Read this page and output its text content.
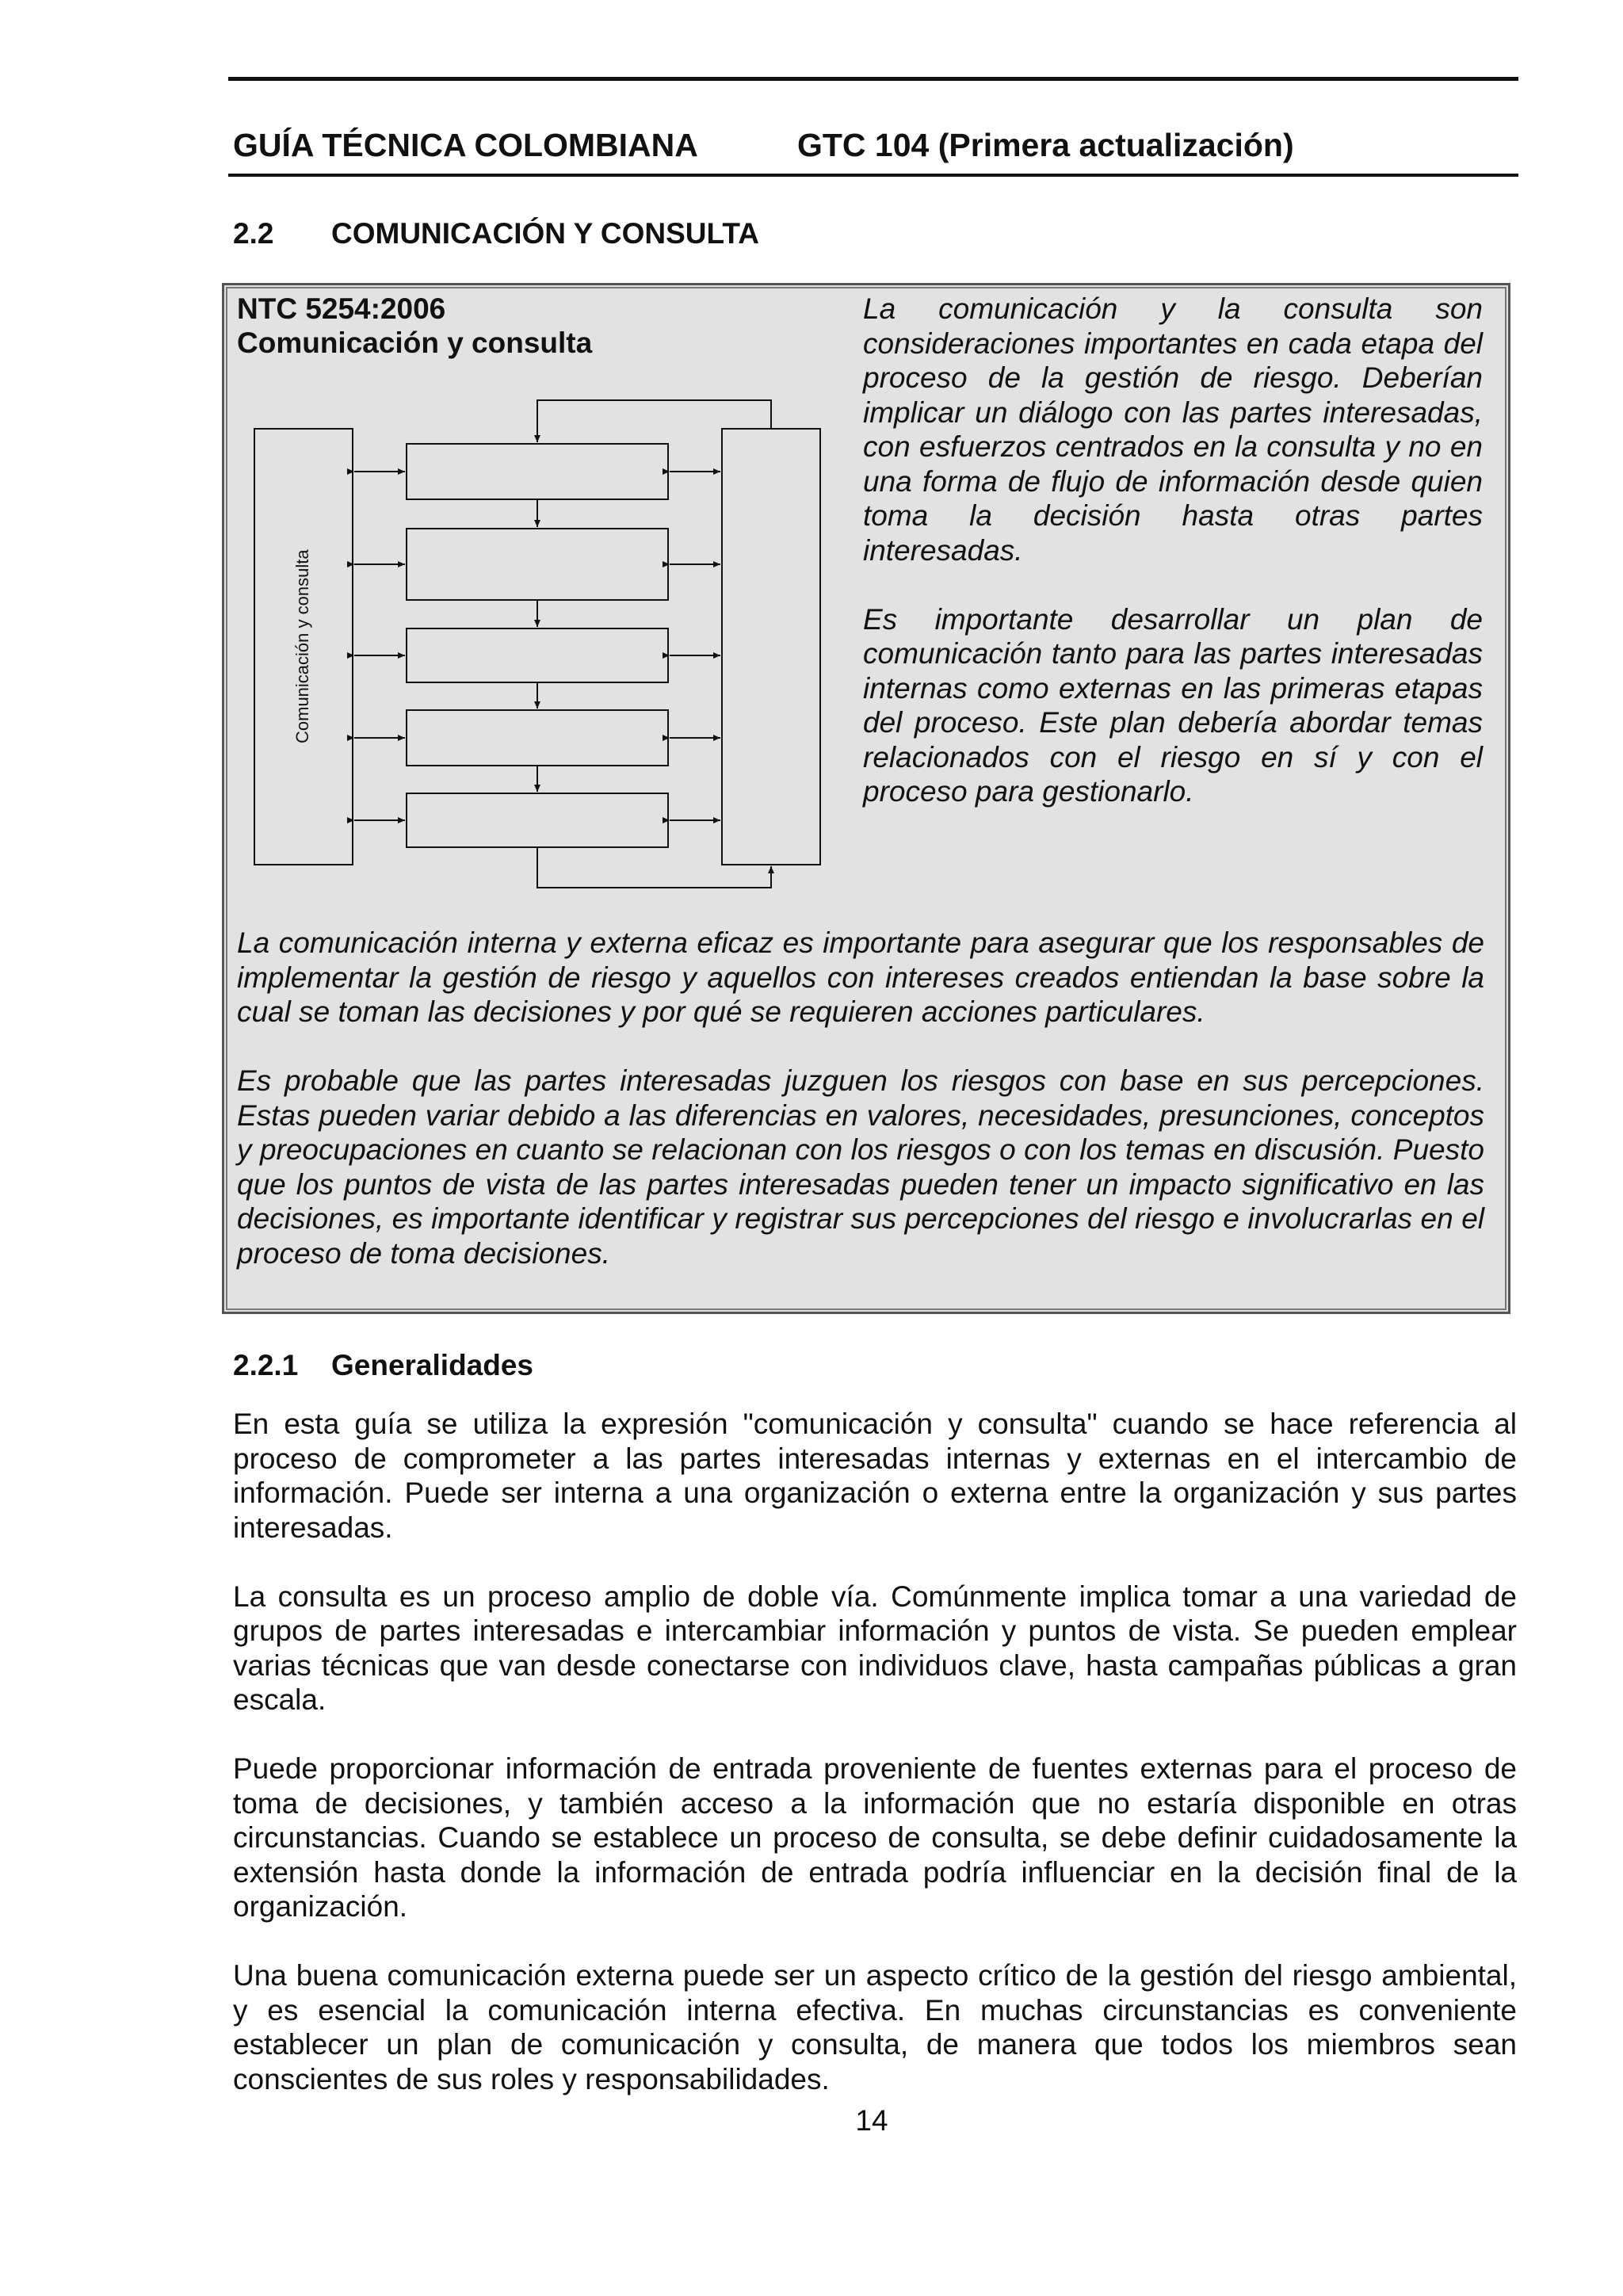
GUÍA TÉCNICA COLOMBIANA	GTC 104 (Primera actualización)
2.2 COMUNICACIÓN Y CONSULTA
NTC 5254:2006
Comunicación y consulta
Comunicación y consulta

La comunicación y la consulta son consideraciones importantes en cada etapa del proceso de la gestión de riesgo. Deberían implicar un diálogo con las partes interesadas, con esfuerzos centrados en la consulta y no en una forma de flujo de información desde quien toma la decisión hasta otras partes interesadas.

Es importante desarrollar un plan de comunicación tanto para las partes interesadas internas como externas en las primeras etapas del proceso. Este plan debería abordar temas relacionados con el riesgo en sí y con el proceso para gestionarlo.

La comunicación interna y externa eficaz es importante para asegurar que los responsables de implementar la gestión de riesgo y aquellos con intereses creados entiendan la base sobre la cual se toman las decisiones y por qué se requieren acciones particulares.

Es probable que las partes interesadas juzguen los riesgos con base en sus percepciones. Estas pueden variar debido a las diferencias en valores, necesidades, presunciones, conceptos y preocupaciones en cuanto se relacionan con los riesgos o con los temas en discusión. Puesto que los puntos de vista de las partes interesadas pueden tener un impacto significativo en las decisiones, es importante identificar y registrar sus percepciones del riesgo e involucrarlas en el proceso de toma decisiones.

2.2.1 Generalidades

En esta guía se utiliza la expresión "comunicación y consulta" cuando se hace referencia al proceso de comprometer a las partes interesadas internas y externas en el intercambio de información. Puede ser interna a una organización o externa entre la organización y sus partes interesadas.

La consulta es un proceso amplio de doble vía. Comúnmente implica tomar a una variedad de grupos de partes interesadas e intercambiar información y puntos de vista. Se pueden emplear varias técnicas que van desde conectarse con individuos clave, hasta campañas públicas a gran escala.

Puede proporcionar información de entrada proveniente de fuentes externas para el proceso de toma de decisiones, y también acceso a la información que no estaría disponible en otras circunstancias. Cuando se establece un proceso de consulta, se debe definir cuidadosamente la extensión hasta donde la información de entrada podría influenciar en la decisión final de la organización.

Una buena comunicación externa puede ser un aspecto crítico de la gestión del riesgo ambiental, y es esencial la comunicación interna efectiva. En muchas circunstancias es conveniente establecer un plan de comunicación y consulta, de manera que todos los miembros sean conscientes de sus roles y responsabilidades.

14
